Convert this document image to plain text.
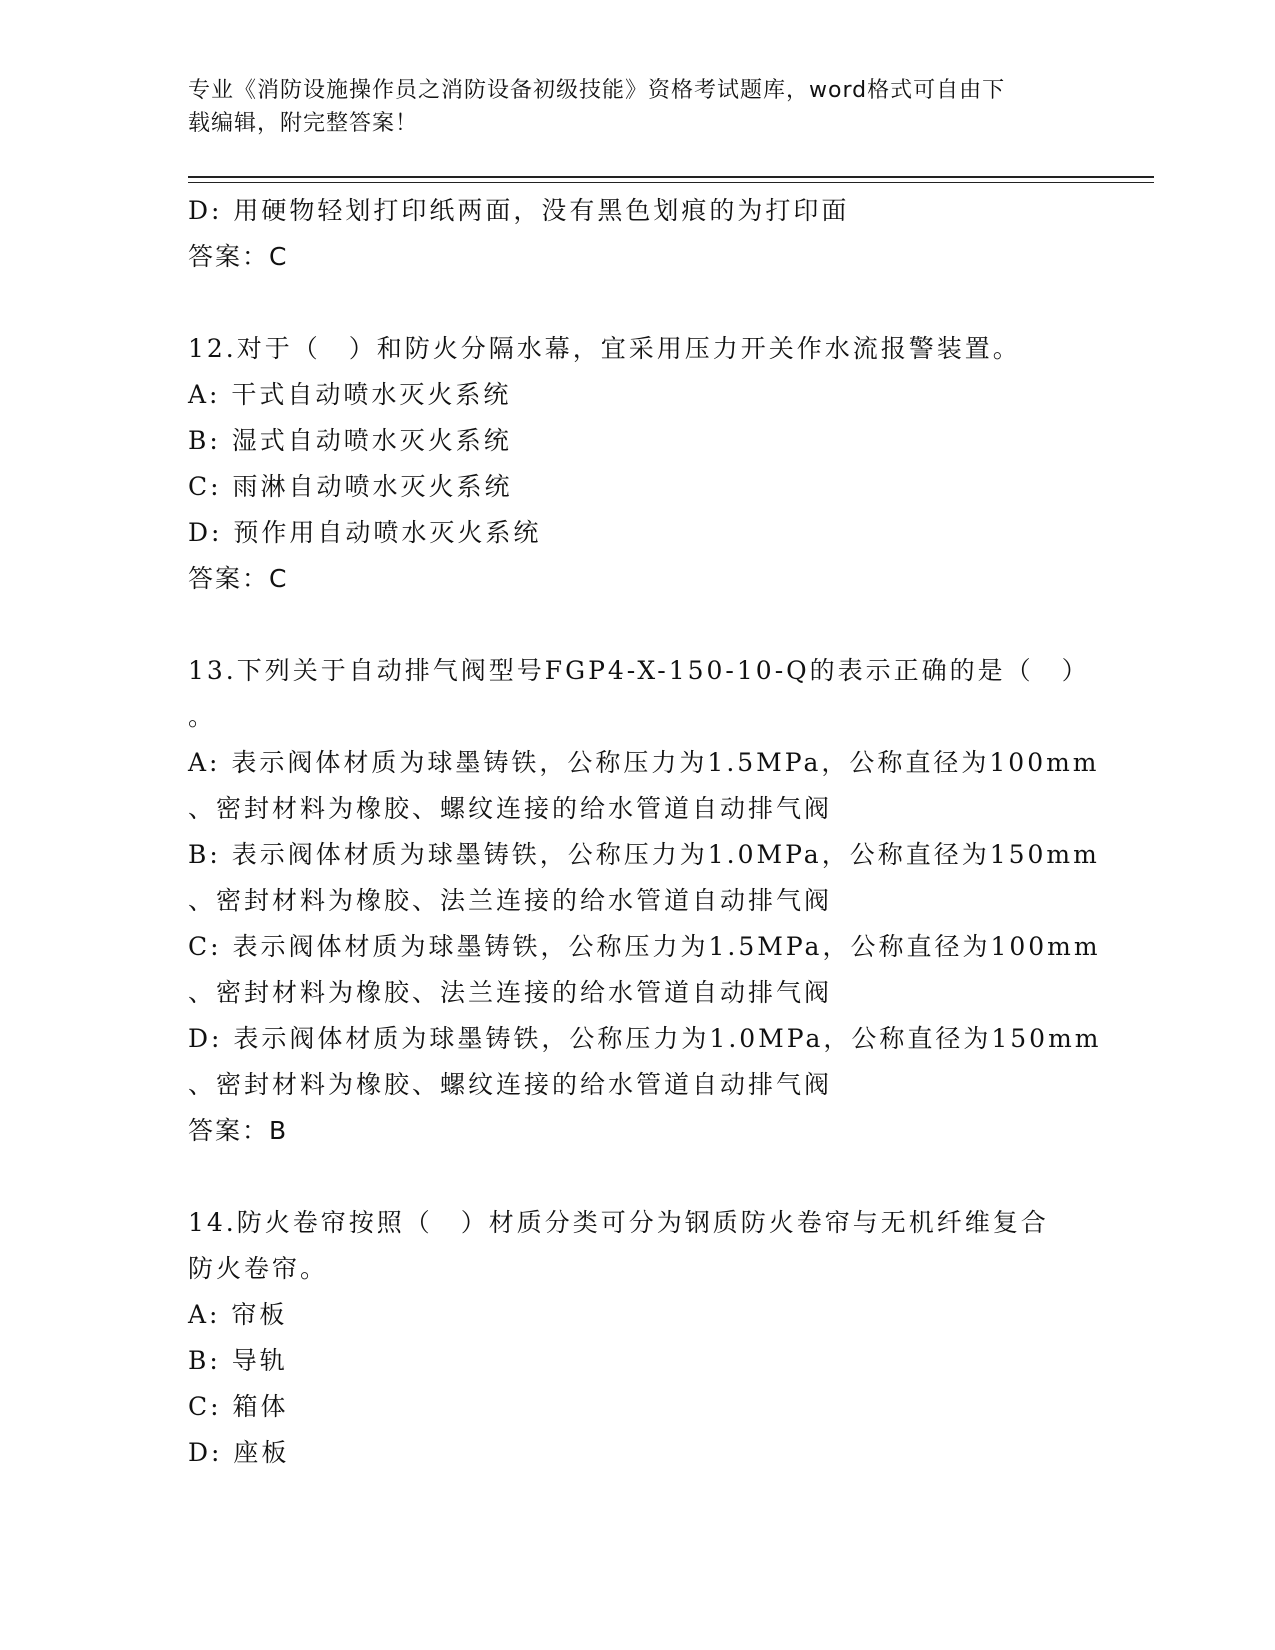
专业《消防设施操作员之消防设备初级技能》资格考试题库，word格式可自由下
载编辑，附完整答案！
D: 用硬物轻划打印纸两面，没有黑色划痕的为打印面
答案：C
12.对于（　）和防火分隔水幕，宜采用压力开关作水流报警装置。
A: 干式自动喷水灭火系统
B: 湿式自动喷水灭火系统
C: 雨淋自动喷水灭火系统
D: 预作用自动喷水灭火系统
答案：C
13.下列关于自动排气阀型号FGP4-X-150-10-Q的表示正确的是（　）
。
A: 表示阀体材质为球墨铸铁，公称压力为1.5MPa，公称直径为100mm
、密封材料为橡胶、螺纹连接的给水管道自动排气阀
B: 表示阀体材质为球墨铸铁，公称压力为1.0MPa，公称直径为150mm
、密封材料为橡胶、法兰连接的给水管道自动排气阀
C: 表示阀体材质为球墨铸铁，公称压力为1.5MPa，公称直径为100mm
、密封材料为橡胶、法兰连接的给水管道自动排气阀
D: 表示阀体材质为球墨铸铁，公称压力为1.0MPa，公称直径为150mm
、密封材料为橡胶、螺纹连接的给水管道自动排气阀
答案：B
14.防火卷帘按照（　）材质分类可分为钢质防火卷帘与无机纤维复合
防火卷帘。
A: 帘板
B: 导轨
C: 箱体
D: 座板
